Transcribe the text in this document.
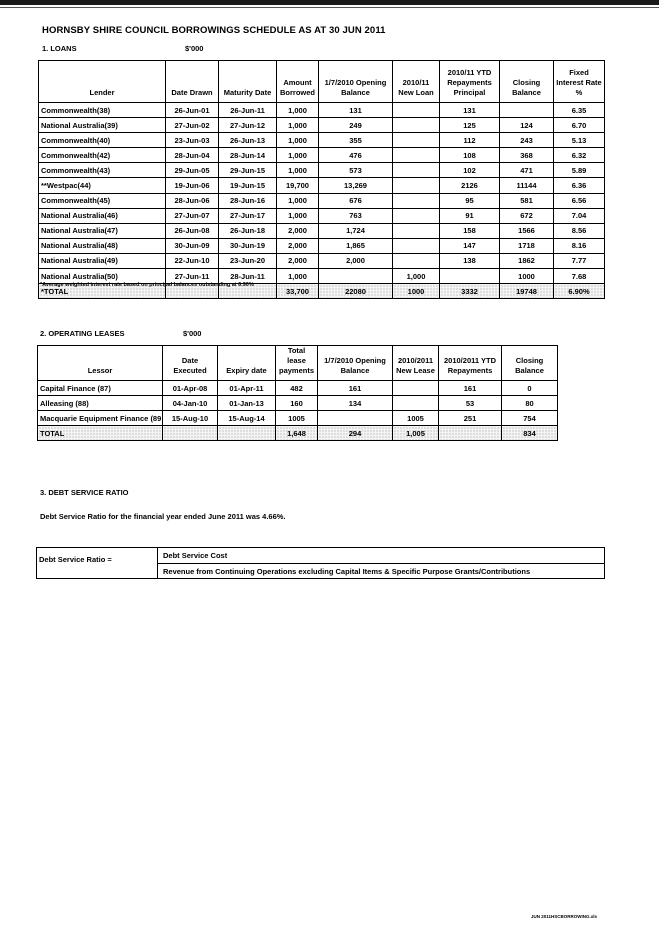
HORNSBY SHIRE COUNCIL BORROWINGS SCHEDULE AS AT 30 JUN 2011
1. LOANS	$'000
Lender	Date Drawn	Maturity Date	Amount Borrowed	1/7/2010 Opening Balance	2010/11 New Loan	2010/11 YTD Repayments Principal	Closing Balance	Fixed Interest Rate %
Commonwealth(38)	26-Jun-01	26-Jun-11	1,000	131		131		6.35
National Australia(39)	27-Jun-02	27-Jun-12	1,000	249		125	124	6.70
Commonwealth(40)	23-Jun-03	26-Jun-13	1,000	355		112	243	5.13
Commonwealth(42)	28-Jun-04	28-Jun-14	1,000	476		108	368	6.32
Commonwealth(43)	29-Jun-05	29-Jun-15	1,000	573		102	471	5.89
**Westpac(44)	19-Jun-06	19-Jun-15	19,700	13,269		2126	11144	6.36
Commonwealth(45)	28-Jun-06	28-Jun-16	1,000	676		95	581	6.56
National Australia(46)	27-Jun-07	27-Jun-17	1,000	763		91	672	7.04
National Australia(47)	26-Jun-08	26-Jun-18	2,000	1,724		158	1566	8.56
National Australia(48)	30-Jun-09	30-Jun-19	2,000	1,865		147	1718	8.16
National Australia(49)	22-Jun-10	23-Jun-20	2,000	2,000		138	1862	7.77
National Australia(50)	27-Jun-11	28-Jun-11	1,000		1,000		1000	7.68
*TOTAL			33,700	22080	1000	3332	19748	6.90%
*Average weighted interest rate based on principal balances outstanding at 6.90%
2. OPERATING LEASES	$'000
Lessor	Date Executed	Expiry date	Total lease payments	1/7/2010 Opening Balance	2010/2011 New Lease	2010/2011 YTD Repayments	Closing Balance
Capital Finance (87)	01-Apr-08	01-Apr-11	482	161		161	0
Alleasing (88)	04-Jan-10	01-Jan-13	160	134		53	80
Macquarie Equipment Finance (89	15-Aug-10	15-Aug-14	1005		1005	251	754
TOTAL			1,648	294	1,005		834
3. DEBT SERVICE RATIO
Debt Service Ratio for the financial year ended June 2011 was 4.66%.
Debt Service Ratio =	Debt Service Cost
Revenue from Continuing Operations excluding Capital Items & Specific Purpose Grants/Contributions
JUN 2011HSCBORROWING.xls
